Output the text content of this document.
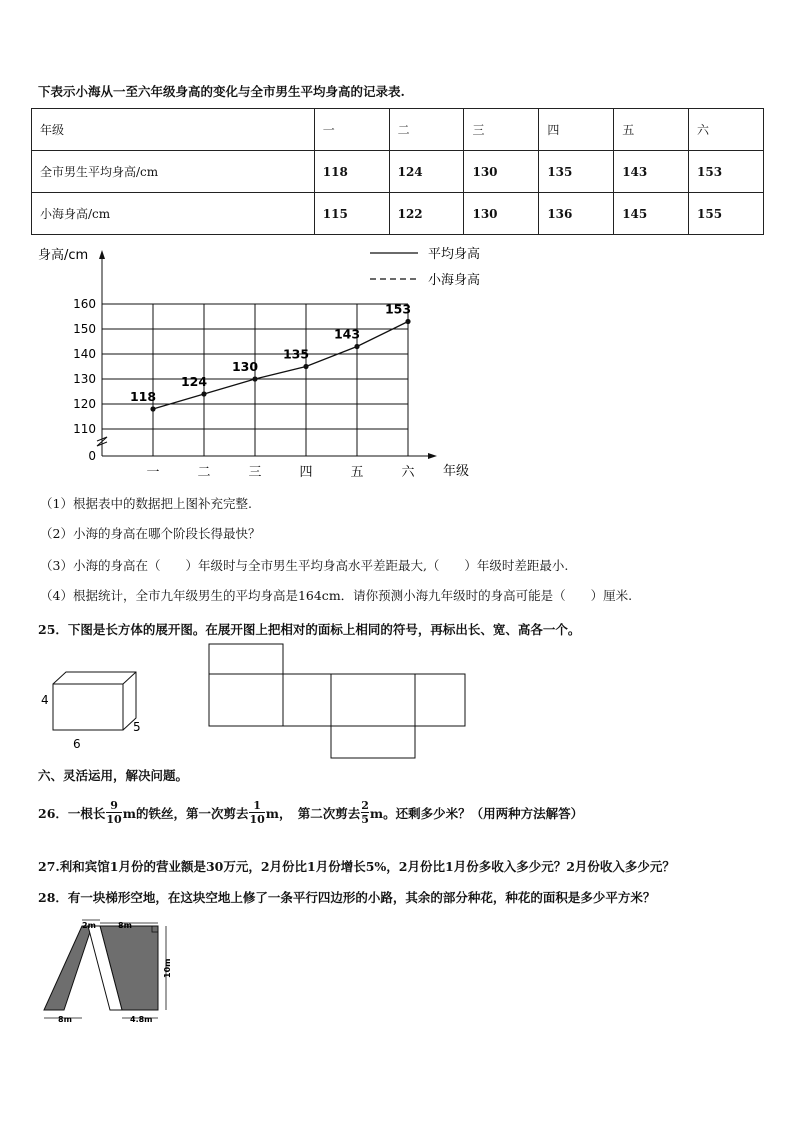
下表示小海从一至六年级身高的变化与全市男生平均身高的记录表.
年级	一	二	三	四	五	六
全市男生平均身高/cm	118	124	130	135	143	153
小海身高/cm	115	122	130	136	145	155
身高/cm
年级
平均身高
小海身高
160
150
140
130
120
110
0
一	二	三	四	五	六
118
124
130
135
143
153
（1）根据表中的数据把上图补充完整.
（2）小海的身高在哪个阶段长得最快？
（3）小海的身高在（　　）年级时与全市男生平均身高水平差距最大,（　　）年级时差距最小.
（4）根据统计，全市九年级男生的平均身高是164cm．请你预测小海九年级时的身高可能是（　　）厘米.
25．下图是长方体的展开图。在展开图上把相对的面标上相同的符号，再标出长、宽、高各一个。
4
5
6
六、灵活运用，解决问题。
26．一根长 $\frac{9}{10}$ m的铁丝，第一次剪去 $\frac{1}{10}$ m，　第二次剪去 $\frac{2}{5}$ m。还剩多少米？（用两种方法解答）
27.利和宾馆1月份的营业额是30万元，2月份比1月份增长5%，2月份比1月份多收入多少元？2月份收入多少元？
28．有一块梯形空地，在这块空地上修了一条平行四边形的小路，其余的部分种花，种花的面积是多少平方米？
2m	8m
10m
8m	4.8m
